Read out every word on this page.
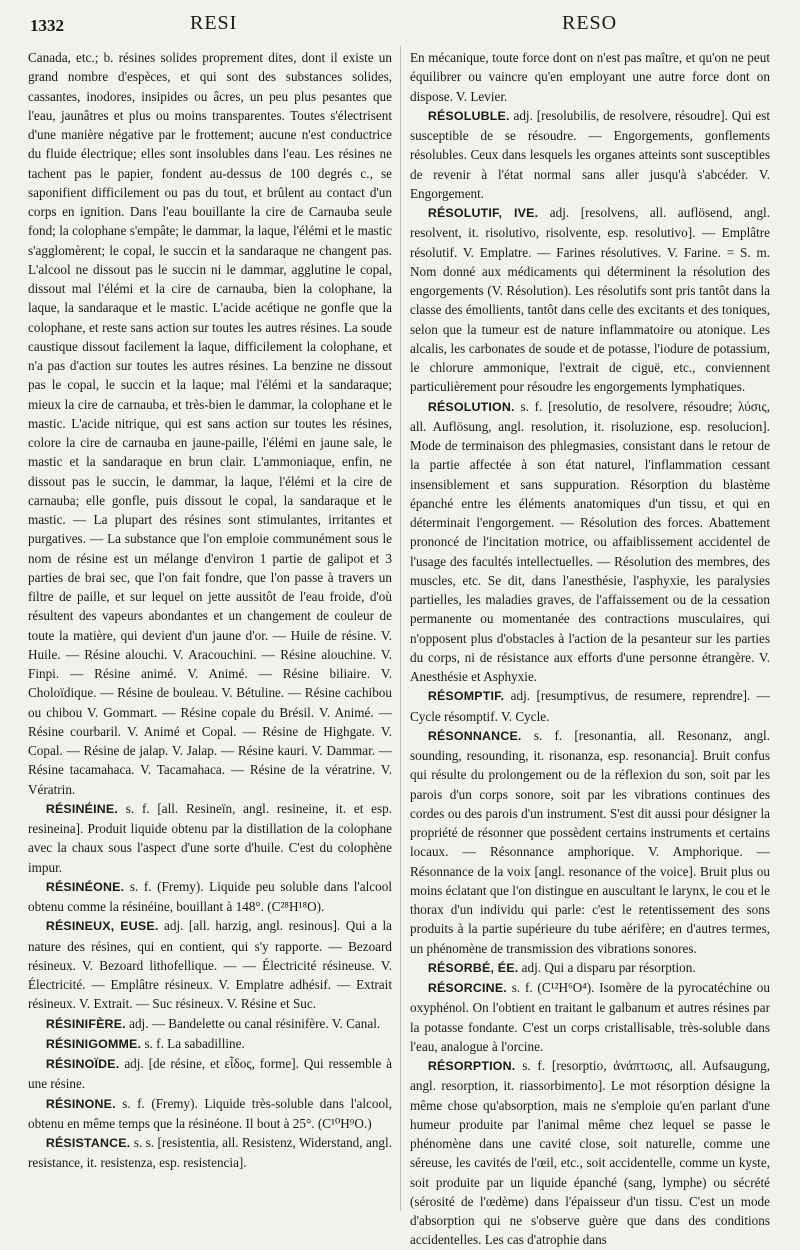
1332	RESI	RESO

Canada, etc.; b. résines solides proprement dites, dont il existe un grand nombre d'espèces, et qui sont des substances solides, cassantes, inodores, insipides ou âcres, un peu plus pesantes que l'eau, jaunâtres et plus ou moins transparentes. Toutes s'électrisent d'une manière négative par le frottement; aucune n'est conductrice du fluide électrique; elles sont insolubles dans l'eau. Les résines ne tachent pas le papier, fondent au-dessus de 100 degrés c., se saponifient difficilement ou pas du tout, et brûlent au contact d'un corps en ignition. Dans l'eau bouillante la cire de Carnauba seule fond; la colophane s'empâte; le dammar, la laque, l'élémi et le mastic s'agglomèrent; le copal, le succin et la sandaraque ne changent pas. L'alcool ne dissout pas le succin ni le dammar, agglutine le copal, dissout mal l'élémi et la cire de carnauba, bien la colophane, la laque, la sandaraque et le mastic. L'acide acétique ne gonfle que la colophane, et reste sans action sur toutes les autres résines. La soude caustique dissout facilement la laque, difficilement la colophane, et n'a pas d'action sur toutes les autres résines. La benzine ne dissout pas le copal, le succin et la laque; mal l'élémi et la sandaraque; mieux la cire de carnauba, et très-bien le dammar, la colophane et le mastic. L'acide nitrique, qui est sans action sur toutes les résines, colore la cire de carnauba en jaune-paille, l'élémi en jaune sale, le mastic et la sandaraque en brun clair. L'ammoniaque, enfin, ne dissout pas le succin, le dammar, la laque, l'élémi et la cire de carnauba; elle gonfle, puis dissout le copal, la sandaraque et le mastic. — La plupart des résines sont stimulantes, irritantes et purgatives. — La substance que l'on emploie communément sous le nom de résine est un mélange d'environ 1 partie de galipot et 3 parties de brai sec, que l'on fait fondre, que l'on passe à travers un filtre de paille, et sur lequel on jette aussitôt de l'eau froide, d'où résultent des vapeurs abondantes et un changement de couleur de toute la matière, qui devient d'un jaune d'or. — Huile de résine. V. Huile. — Résine alouchi. V. Aracouchini. — Résine alouchine. V. Finpi. — Résine animé. V. Animé. — Résine biliaire. V. Choloïdique. — Résine de bouleau. V. Bétuline. — Résine cachibou ou chibou V. Gommart. — Résine copale du Brésil. V. Animé. — Résine courbaril. V. Animé et Copal. — Résine de Highgate. V. Copal. — Résine de jalap. V. Jalap. — Résine kauri. V. Dammar. — Résine tacamahaca. V. Tacamahaca. — Résine de la vératrine. V. Vératrin.

RÉSINÉINE. s. f. [all. Resineïn, angl. resineine, it. et esp. resineina]. Produit liquide obtenu par la distillation de la colophane avec la chaux sous l'aspect d'une sorte d'huile. C'est du colophène impur.

RÉSINÉONE. s. f. (Fremy). Liquide peu soluble dans l'alcool obtenu comme la résinéine, bouillant à 148°. (C²⁸H¹⁸O).

RÉSINEUX, EUSE. adj. [all. harzig, angl. resinous]. Qui a la nature des résines, qui en contient, qui s'y rapporte. — Bezoard résineux. V. Bezoard lithofellique. — — Électricité résineuse. V. Électricité. — Emplâtre résineux. V. Emplatre adhésif. — Extrait résineux. V. Extrait. — Suc résineux. V. Résine et Suc.

RÉSINIFÈRE. adj. — Bandelette ou canal résinifère. V. Canal.

RÉSINIGOMME. s. f. La sabadilline.

RÉSINOÏDE. adj. [de résine, et εἶδος, forme]. Qui ressemble à une résine.

RÉSINONE. s. f. (Fremy). Liquide très-soluble dans l'alcool, obtenu en même temps que la résinéone. Il bout à 25°. (C¹⁰H⁹O.)

RÉSISTANCE. s. s. [resistentia, all. Resistenz, Widerstand, angl. resistance, it. resistenza, esp. resistencia].

En mécanique, toute force dont on n'est pas maître, et qu'on ne peut équilibrer ou vaincre qu'en employant une autre force dont on dispose. V. Levier.

RÉSOLUBLE. adj. [resolubilis, de resolvere, résoudre]. Qui est susceptible de se résoudre. — Engorgements, gonflements résolubles. Ceux dans lesquels les organes atteints sont susceptibles de revenir à l'état normal sans aller jusqu'à s'abcéder. V. Engorgement.

RÉSOLUTIF, IVE. adj. [resolvens, all. auflösend, angl. resolvent, it. risolutivo, risolvente, esp. resolutivo]. — Emplâtre résolutif. V. Emplatre. — Farines résolutives. V. Farine. = S. m. Nom donné aux médicaments qui déterminent la résolution des engorgements (V. Résolution). Les résolutifs sont pris tantôt dans la classe des émollients, tantôt dans celle des excitants et des toniques, selon que la tumeur est de nature inflammatoire ou atonique. Les alcalis, les carbonates de soude et de potasse, l'iodure de potassium, le chlorure ammonique, l'extrait de ciguë, etc., conviennent particulièrement pour résoudre les engorgements lymphatiques.

RÉSOLUTION. s. f. [resolutio, de resolvere, résoudre; λύσις, all. Auflösung, angl. resolution, it. risoluzione, esp. resolucion]. Mode de terminaison des phlegmasies, consistant dans le retour de la partie affectée à son état naturel, l'inflammation cessant insensiblement et sans suppuration. Résorption du blastème épanché entre les éléments anatomiques d'un tissu, et qui en déterminait l'engorgement. — Résolution des forces. Abattement prononcé de l'incitation motrice, ou affaiblissement accidentel de l'usage des facultés intellectuelles. — Résolution des membres, des muscles, etc. Se dit, dans l'anesthésie, l'asphyxie, les paralysies partielles, les maladies graves, de l'affaissement ou de la cessation permanente ou momentanée des contractions musculaires, qui n'opposent plus d'obstacles à l'action de la pesanteur sur les parties du corps, ni de résistance aux efforts d'une personne étrangère. V. Anesthésie et Asphyxie.

RÉSOMPTIF. adj. [resumptivus, de resumere, reprendre]. — Cycle résomptif. V. Cycle.

RÉSONNANCE. s. f. [resonantia, all. Resonanz, angl. sounding, resounding, it. risonanza, esp. resonancia]. Bruit confus qui résulte du prolongement ou de la réflexion du son, soit par les parois d'un corps sonore, soit par les vibrations continues des cordes ou des parois d'un instrument. S'est dit aussi pour désigner la propriété de résonner que possèdent certains instruments et certains locaux. — Résonnance amphorique. V. Amphorique. — Résonnance de la voix [angl. resonance of the voice]. Bruit plus ou moins éclatant que l'on distingue en auscultant le larynx, le cou et le thorax d'un individu qui parle: c'est le retentissement des sons produits à la partie supérieure du tube aérifère; en d'autres termes, un phénomène de transmission des vibrations sonores.

RÉSORBÉ, ÉE. adj. Qui a disparu par résorption.

RÉSORCINE. s. f. (C¹²H⁶O⁴). Isomère de la pyrocatéchine ou oxyphénol. On l'obtient en traitant le galbanum et autres résines par la potasse fondante. C'est un corps cristallisable, très-soluble dans l'eau, analogue à l'orcine.

RÉSORPTION. s. f. [resorptio, ἀνάπτωσις, all. Aufsaugung, angl. resorption, it. riassorbimento]. Le mot résorption désigne la même chose qu'absorption, mais ne s'emploie qu'en parlant d'une humeur produite par l'animal même chez lequel se passe le phénomène dans une cavité close, soit naturelle, comme une séreuse, les cavités de l'œil, etc., soit accidentelle, comme un kyste, soit produite par un liquide épanché (sang, lymphe) ou sécrété (sérosité de l'œdème) dans l'épaisseur d'un tissu. C'est un mode d'absorption qui ne s'observe guère que dans des conditions accidentelles. Les cas d'atrophie dans
